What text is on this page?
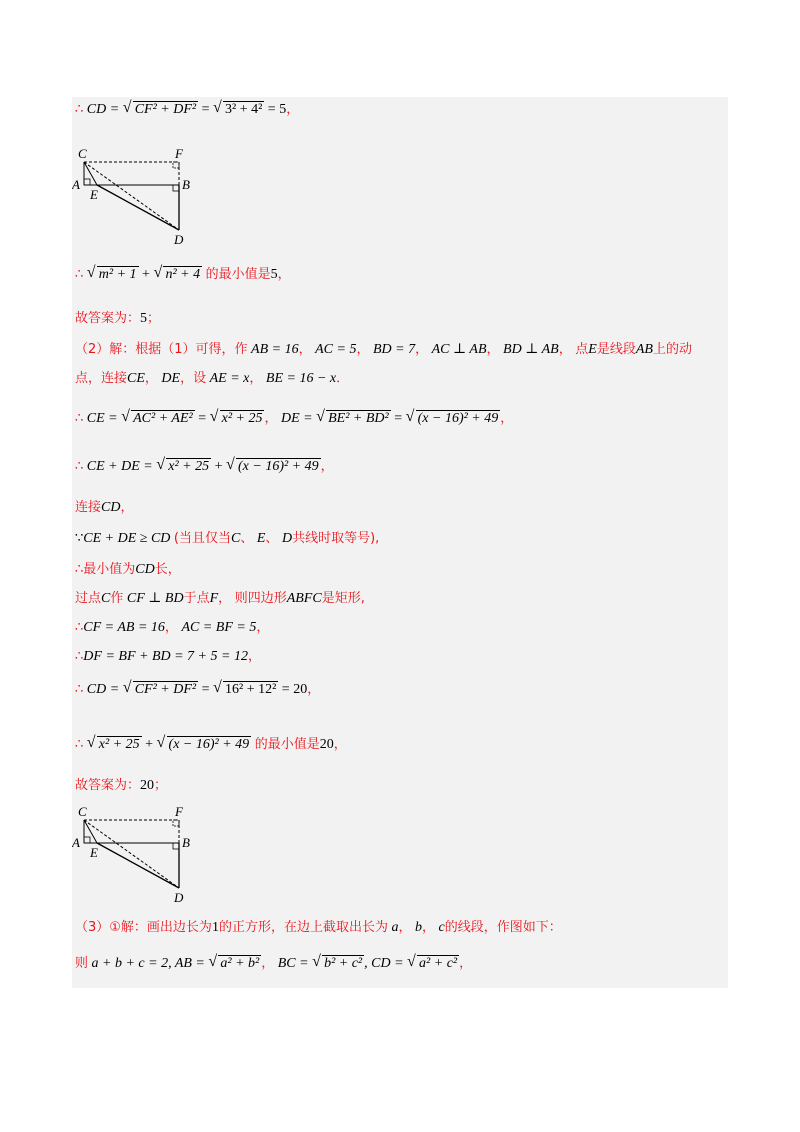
∴ CD = √ CF² + DF² = √ 3² + 4² = 5，
C	F
A	B
E
D
∴ √ m² + 1 + √ n² + 4 的最小值是5，
故答案为：5；
（2）解：根据（1）可得，作 AB = 16， AC = 5， BD = 7， AC ⊥ AB， BD ⊥ AB， 点E是线段AB上的动
点，连接CE， DE，设 AE = x， BE = 16 − x．
∴ CE = √ AC² + AE² = √ x² + 25 ， DE = √ BE² + BD² = √ (x − 16)² + 49 ，
∴ CE + DE = √ x² + 25 + √ (x − 16)² + 49 ，
连接CD，
∵CE + DE ≥ CD (当且仅当C、 E、 D共线时取等号),
∴最小值为CD长，
过点C作 CF ⊥ BD于点F， 则四边形ABFC是矩形,
∴CF = AB = 16， AC = BF = 5，
∴DF = BF + BD = 7 + 5 = 12，
∴ CD = √ CF² + DF² = √ 16² + 12² = 20，
∴ √ x² + 25 + √ (x − 16)² + 49 的最小值是20，
故答案为：20；
C	F
A	B
E
D
（3）①解：画出边长为1的正方形，在边上截取出长为 a， b， c的线段，作图如下：
则 a + b + c = 2, AB = √ a² + b² ， BC = √ b² + c² , CD = √ a² + c² ，
